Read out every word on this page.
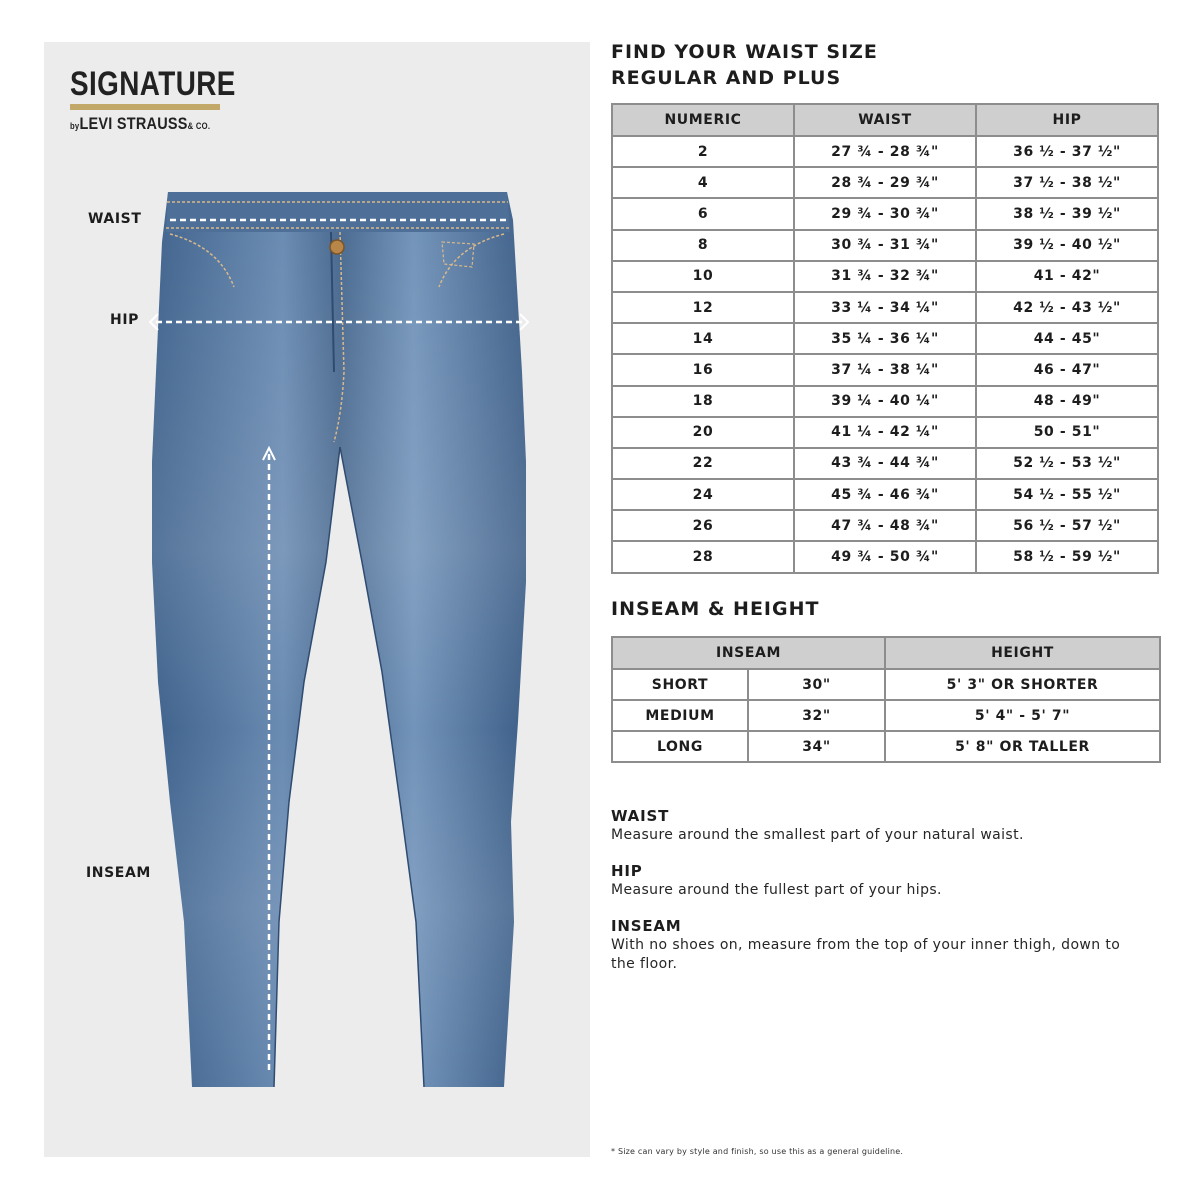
SIGNATURE
byLEVI STRAUSS& CO.
WAIST
HIP
INSEAM
FIND YOUR WAIST SIZE
REGULAR AND PLUS
NUMERIC	WAIST	HIP
2	27 ¾ - 28 ¾"	36 ½ - 37 ½"
4	28 ¾ - 29 ¾"	37 ½ - 38 ½"
6	29 ¾ - 30 ¾"	38 ½ - 39 ½"
8	30 ¾ - 31 ¾"	39 ½ - 40 ½"
10	31 ¾ - 32 ¾"	41 - 42"
12	33 ¼ - 34 ¼"	42 ½ - 43 ½"
14	35 ¼ - 36 ¼"	44 - 45"
16	37 ¼ - 38 ¼"	46 - 47"
18	39 ¼ - 40 ¼"	48 - 49"
20	41 ¼ - 42 ¼"	50 - 51"
22	43 ¾ - 44 ¾"	52 ½ - 53 ½"
24	45 ¾ - 46 ¾"	54 ½ - 55 ½"
26	47 ¾ - 48 ¾"	56 ½ - 57 ½"
28	49 ¾ - 50 ¾"	58 ½ - 59 ½"
INSEAM & HEIGHT
INSEAM		HEIGHT
SHORT	30"	5' 3" OR SHORTER
MEDIUM	32"	5' 4" - 5' 7"
LONG	34"	5' 8" OR TALLER
WAIST
Measure around the smallest part of your natural waist.
HIP
Measure around the fullest part of your hips.
INSEAM
With no shoes on, measure from the top of your inner thigh, down to the floor.
* Size can vary by style and finish, so use this as a general guideline.
